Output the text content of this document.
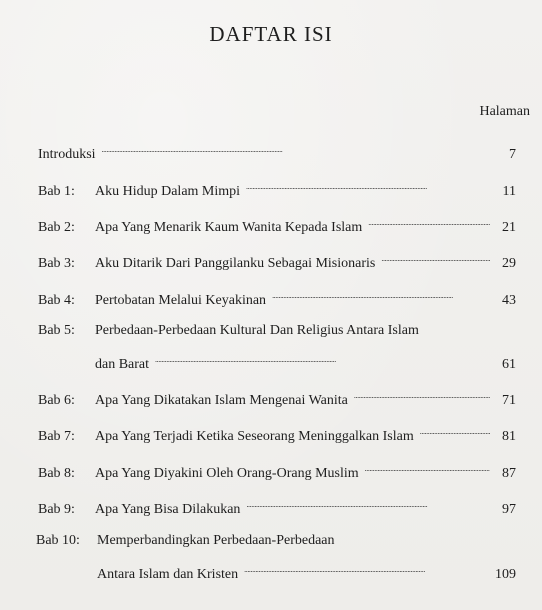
DAFTAR ISI
Halaman
Introduksi . . .	7
Bab 1:	Aku Hidup Dalam Mimpi . . .	11
Bab 2:	Apa Yang Menarik Kaum Wanita Kepada Islam . . .	21
Bab 3:	Aku Ditarik Dari Panggilanku Sebagai Misionaris . . .	29
Bab 4:	Pertobatan Melalui Keyakinan . . .	43
Bab 5:	Perbedaan-Perbedaan Kultural Dan Religius Antara Islam
dan Barat . . .	61
Bab 6:	Apa Yang Dikatakan Islam Mengenai Wanita . . .	71
Bab 7:	Apa Yang Terjadi Ketika Seseorang Meninggalkan Islam . . .	81
Bab 8:	Apa Yang Diyakini Oleh Orang-Orang Muslim . . .	87
Bab 9:	Apa Yang Bisa Dilakukan . . .	97
Bab 10:	Memperbandingkan Perbedaan-Perbedaan
Antara Islam dan Kristen . . .	109
